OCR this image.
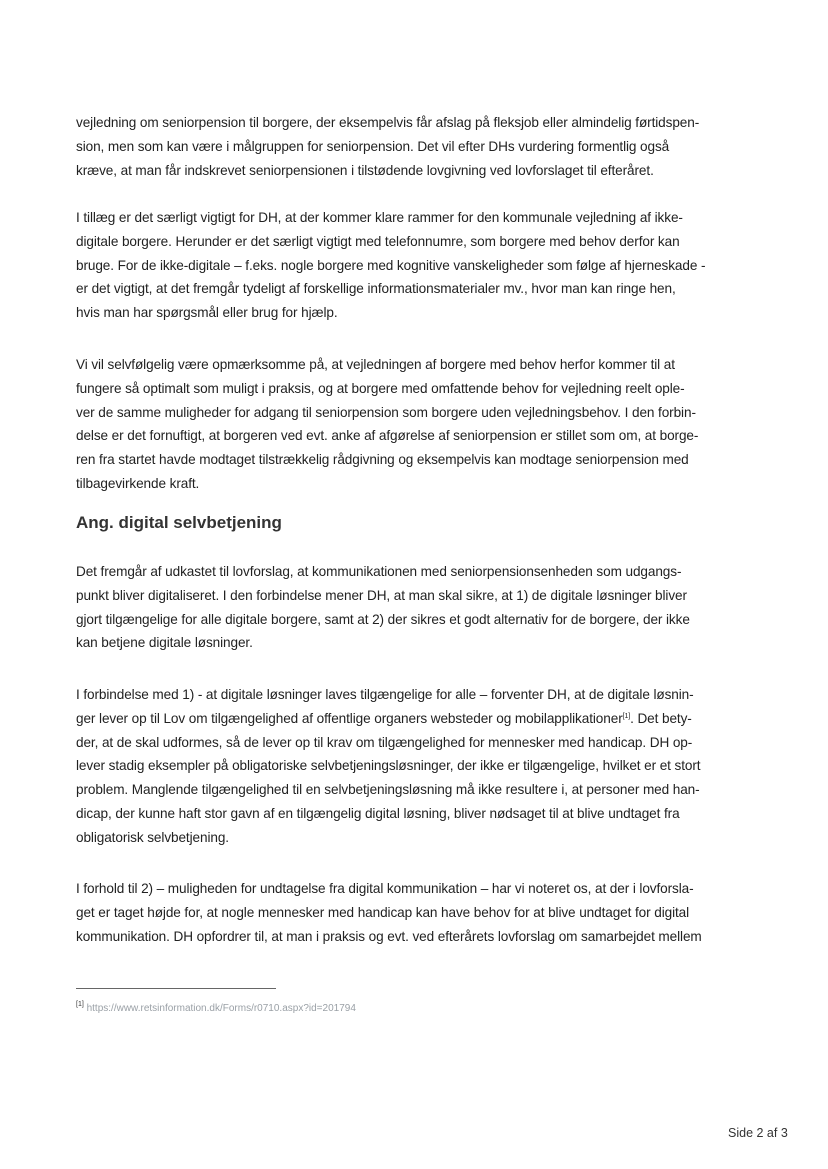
vejledning om seniorpension til borgere, der eksempelvis får afslag på fleksjob eller almindelig førtidspen-
sion, men som kan være i målgruppen for seniorpension. Det vil efter DHs vurdering formentlig også
kræve, at man får indskrevet seniorpensionen i tilstødende lovgivning ved lovforslaget til efteråret.

I tillæg er det særligt vigtigt for DH, at der kommer klare rammer for den kommunale vejledning af ikke-
digitale borgere. Herunder er det særligt vigtigt med telefonnumre, som borgere med behov derfor kan
bruge. For de ikke-digitale – f.eks. nogle borgere med kognitive vanskeligheder som følge af hjerneskade -
er det vigtigt, at det fremgår tydeligt af forskellige informationsmaterialer mv., hvor man kan ringe hen,
hvis man har spørgsmål eller brug for hjælp.

Vi vil selvfølgelig være opmærksomme på, at vejledningen af borgere med behov herfor kommer til at
fungere så optimalt som muligt i praksis, og at borgere med omfattende behov for vejledning reelt ople-
ver de samme muligheder for adgang til seniorpension som borgere uden vejledningsbehov. I den forbin-
delse er det fornuftigt, at borgeren ved evt. anke af afgørelse af seniorpension er stillet som om, at borge-
ren fra startet havde modtaget tilstrækkelig rådgivning og eksempelvis kan modtage seniorpension med
tilbagevirkende kraft.

Ang. digital selvbetjening

Det fremgår af udkastet til lovforslag, at kommunikationen med seniorpensionsenheden som udgangs-
punkt bliver digitaliseret. I den forbindelse mener DH, at man skal sikre, at 1) de digitale løsninger bliver
gjort tilgængelige for alle digitale borgere, samt at 2) der sikres et godt alternativ for de borgere, der ikke
kan betjene digitale løsninger.

I forbindelse med 1) - at digitale løsninger laves tilgængelige for alle – forventer DH, at de digitale løsnin-
ger lever op til Lov om tilgængelighed af offentlige organers websteder og mobilapplikationer[1]. Det bety-
der, at de skal udformes, så de lever op til krav om tilgængelighed for mennesker med handicap. DH op-
lever stadig eksempler på obligatoriske selvbetjeningsløsninger, der ikke er tilgængelige, hvilket er et stort
problem. Manglende tilgængelighed til en selvbetjeningsløsning må ikke resultere i, at personer med han-
dicap, der kunne haft stor gavn af en tilgængelig digital løsning, bliver nødsaget til at blive undtaget fra
obligatorisk selvbetjening.

I forhold til 2) – muligheden for undtagelse fra digital kommunikation – har vi noteret os, at der i lovforsla-
get er taget højde for, at nogle mennesker med handicap kan have behov for at blive undtaget for digital
kommunikation. DH opfordrer til, at man i praksis og evt. ved efterårets lovforslag om samarbejdet mellem

[1] https://www.retsinformation.dk/Forms/r0710.aspx?id=201794
Side 2 af 3
